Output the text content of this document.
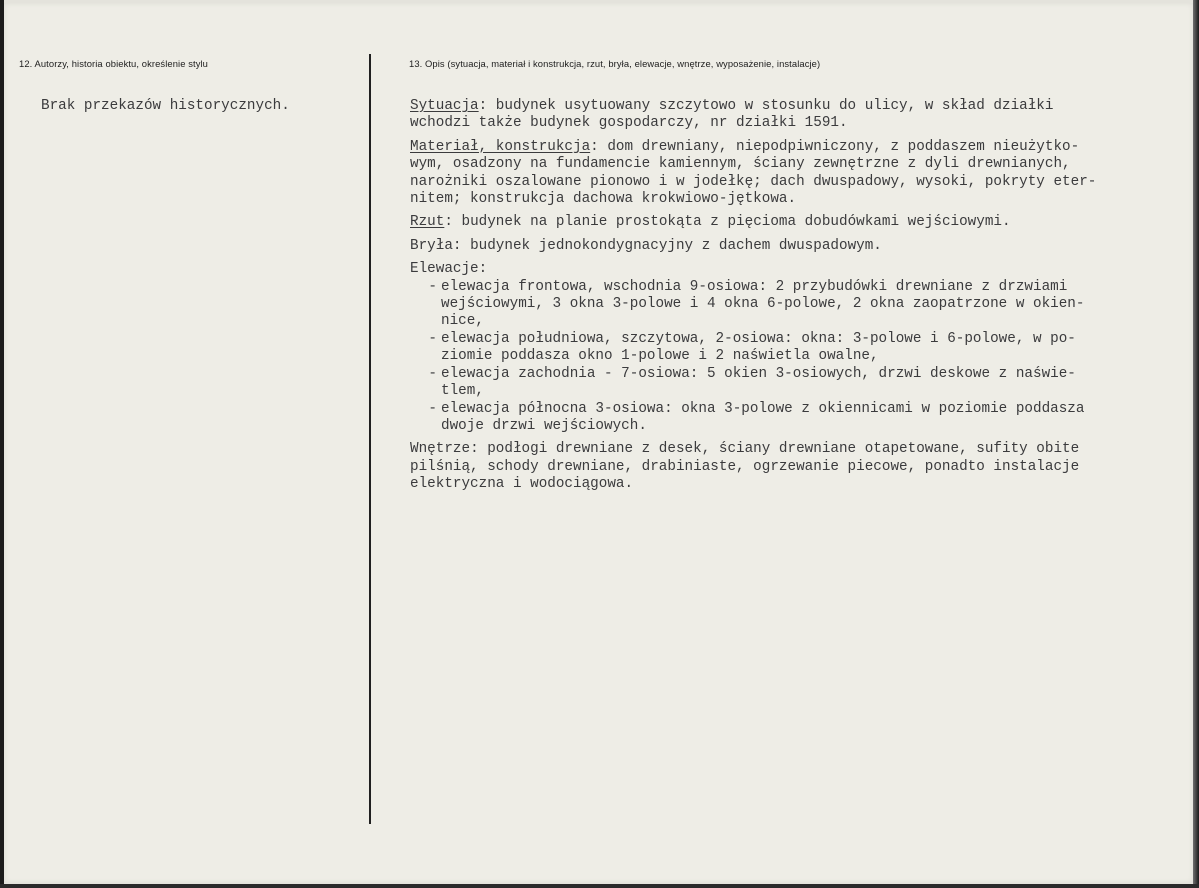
12. Autorzy, historia obiektu, określenie stylu	13. Opis (sytuacja, materiał i konstrukcja, rzut, bryła, elewacje, wnętrze, wyposażenie, instalacje)
Brak przekazów historycznych.	Sytuacja: budynek usytuowany szczytowo w stosunku do ulicy, w skład działki
wchodzi także budynek gospodarczy, nr działki 1591.
Materiał, konstrukcja: dom drewniany, niepodpiwniczony, z poddaszem nieużytko-
wym, osadzony na fundamencie kamiennym, ściany zewnętrzne z dyli drewnianych,
narożniki oszalowane pionowo i w jodełkę; dach dwuspadowy, wysoki, pokryty eter-
nitem; konstrukcja dachowa krokwiowo-jętkowa.
Rzut: budynek na planie prostokąta z pięcioma dobudówkami wejściowymi.
Bryła: budynek jednokondygnacyjny z dachem dwuspadowym.
Elewacje:
- elewacja frontowa, wschodnia 9-osiowa: 2 przybudówki drewniane z drzwiami
wejściowymi, 3 okna 3-polowe i 4 okna 6-polowe, 2 okna zaopatrzone w okien-
nice,
- elewacja południowa, szczytowa, 2-osiowa: okna: 3-polowe i 6-polowe, w po-
ziomie poddasza okno 1-polowe i 2 naświetla owalne,
- elewacja zachodnia - 7-osiowa: 5 okien 3-osiowych, drzwi deskowe z naświe-
tlem,
- elewacja północna 3-osiowa: okna 3-polowe z okiennicami w poziomie poddasza
dwoje drzwi wejściowych.
Wnętrze: podłogi drewniane z desek, ściany drewniane otapetowane, sufity obite
pilśnią, schody drewniane, drabiniaste, ogrzewanie piecowe, ponadto instalacje
elektryczna i wodociągowa.
